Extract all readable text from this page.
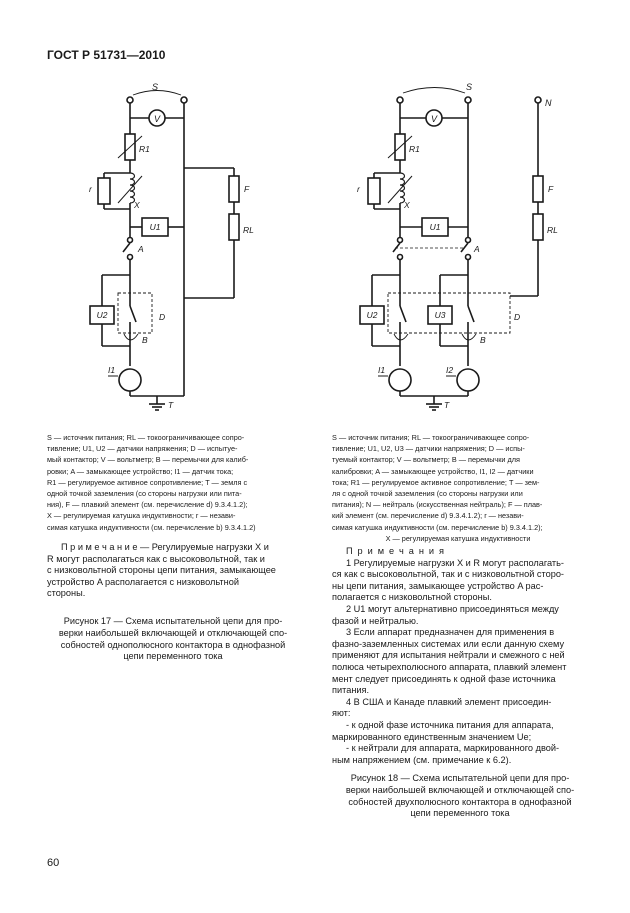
ГОСТ Р 51731—2010
S
V
R1
r
X
U1
F
RL
A
U2	D
B
I1
T
S
N
V
R1
r
X
U1
F
RL
A
U2	U3	D
B
I1	I2
T

S — источник питания; RL — токоограничивающее сопро-

тивление; U1, U2 — датчики напряжения; D — испытуе-

мый контактор; V — вольтметр; B — перемычки для калиб-

ровки; A — замыкающее устройство; I1 — датчик тока;

R1 — регулируемое активное сопротивление; T — земля с

одной точкой заземления (со стороны нагрузки или пита-

ния), F — плавкий элемент (см. перечисление d) 9.3.4.1.2);

X — регулируемая катушка индуктивности; r — незави-

симая катушка индуктивности (см. перечисление b) 9.3.4.1.2)

S — источник питания; RL — токоограничивающее сопро-

тивление; U1, U2, U3 — датчики напряжения; D — испы-

туемый контактор; V — вольтметр; B — перемычки для

калибровки; A — замыкающее устройство, I1, I2 — датчики

тока; R1 — регулируемое активное сопротивление; T — зем-

ля с одной точкой заземления (со стороны нагрузки или

питания); N — нейтраль (искусственная нейтраль); F — плав-

кий элемент (см. перечисление d) 9.3.4.1.2); r — незави-

симая катушка индуктивности (см. перечисление b) 9.3.4.1.2);

X — регулируемая катушка индуктивности

П р и м е ч а н и е — Регулируемые нагрузки X и

R могут располагаться как с высоковольтной, так и

с низковольтной стороны цепи питания, замыкающее

устройство A располагается с низковольтной

стороны.

Рисунок 17 — Схема испытательной цепи для про-

верки наибольшей включающей и отключающей спо-

собностей однополюсного контактора в однофазной

цепи переменного тока

П р и м е ч а н и я

1 Регулируемые нагрузки X и R могут располагать-

ся как с высоковольтной, так и с низковольтной сторо-

ны цепи питания, замыкающее устройство A рас-

полагается с низковольтной стороны.

2 U1 могут альтернативно присоединяться между

фазой и нейтралью.

3 Если аппарат предназначен для применения в

фазно-заземленных системах или если данную схему

применяют для испытания нейтрали и смежного с ней

полюса четырехполюсного аппарата, плавкий элемент

мент следует присоединять к одной фазе источника

питания.

4 В США и Канаде плавкий элемент присоедин-

яют:

- к одной фазе источника питания для аппарата,

маркированного единственным значением Ue;

- к нейтрали для аппарата, маркированного двой-

ным напряжением (см. примечание к 6.2).

Рисунок 18 — Схема испытательной цепи для про-

верки наибольшей включающей и отключающей спо-

собностей двухполюсного контактора в однофазной

цепи переменного тока

60
